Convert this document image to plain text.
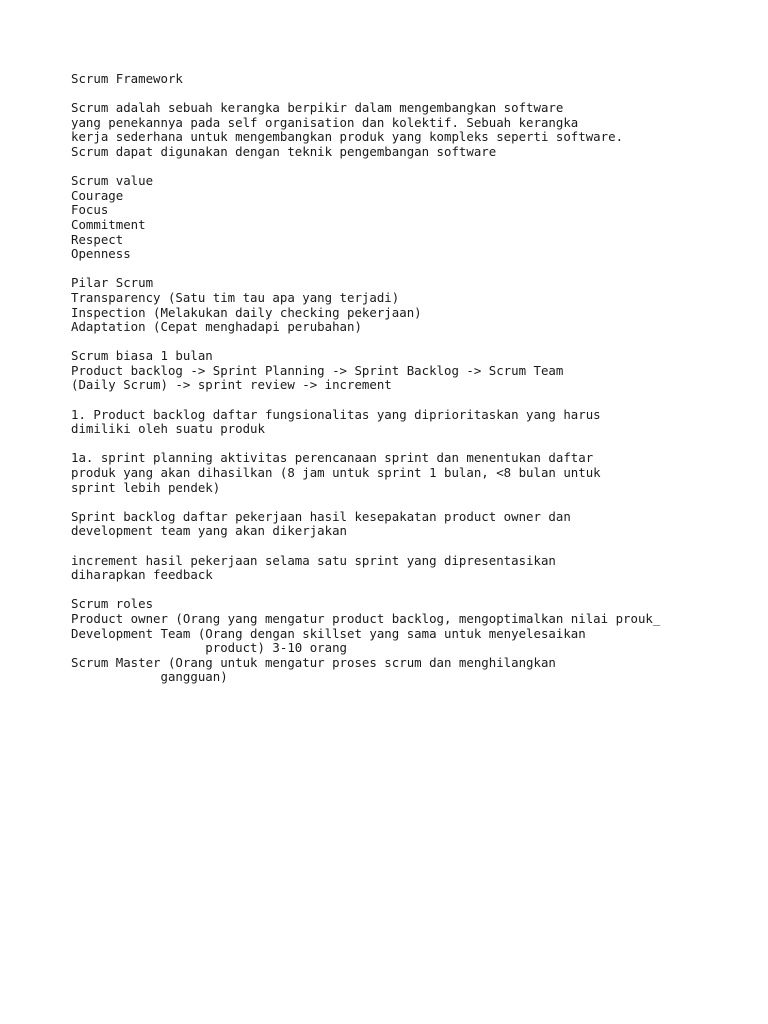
Scrum Framework
Scrum adalah sebuah kerangka berpikir dalam mengembangkan software
yang penekannya pada self organisation dan kolektif. Sebuah kerangka
kerja sederhana untuk mengembangkan produk yang kompleks seperti software.
Scrum dapat digunakan dengan teknik pengembangan software
Scrum value
Courage
Focus
Commitment
Respect
Openness
Pilar Scrum
Transparency (Satu tim tau apa yang terjadi)
Inspection (Melakukan daily checking pekerjaan)
Adaptation (Cepat menghadapi perubahan)
Scrum biasa 1 bulan
Product backlog -> Sprint Planning -> Sprint Backlog -> Scrum Team
(Daily Scrum) -> sprint review -> increment
1. Product backlog daftar fungsionalitas yang diprioritaskan yang harus
dimiliki oleh suatu produk
1a. sprint planning aktivitas perencanaan sprint dan menentukan daftar
produk yang akan dihasilkan (8 jam untuk sprint 1 bulan, <8 bulan untuk
sprint lebih pendek)
Sprint backlog daftar pekerjaan hasil kesepakatan product owner dan
development team yang akan dikerjakan
increment hasil pekerjaan selama satu sprint yang dipresentasikan
diharapkan feedback
Scrum roles
Product owner (Orang yang mengatur product backlog, mengoptimalkan nilai prouk_
Development Team (Orang dengan skillset yang sama untuk menyelesaikan
product) 3-10 orang
Scrum Master (Orang untuk mengatur proses scrum dan menghilangkan
gangguan)
